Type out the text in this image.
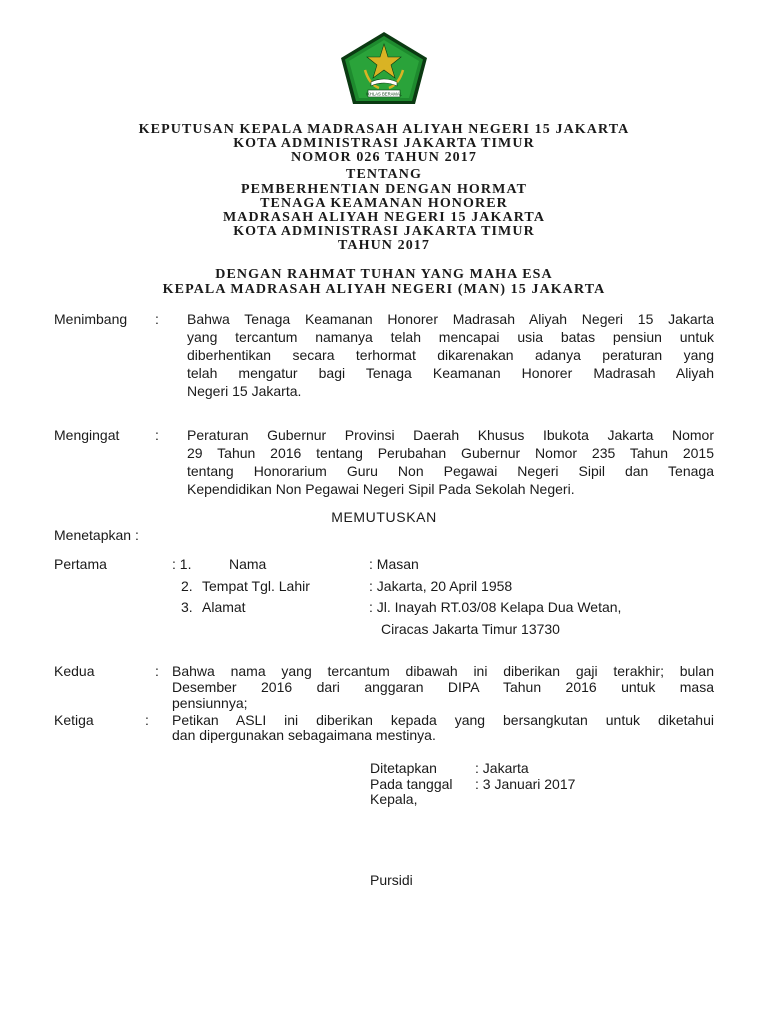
IKHLAS BERAMAL
KEPUTUSAN KEPALA MADRASAH ALIYAH NEGERI 15 JAKARTA
KOTA ADMINISTRASI JAKARTA TIMUR
NOMOR 026 TAHUN 2017
TENTANG
PEMBERHENTIAN DENGAN HORMAT
TENAGA KEAMANAN HONORER
MADRASAH ALIYAH NEGERI 15 JAKARTA
KOTA ADMINISTRASI JAKARTA TIMUR
TAHUN 2017
DENGAN RAHMAT TUHAN YANG MAHA ESA
KEPALA MADRASAH ALIYAH NEGERI (MAN) 15 JAKARTA
Menimbang : Bahwa Tenaga Keamanan Honorer Madrasah Aliyah Negeri 15 Jakarta
yang tercantum namanya telah mencapai usia batas pensiun untuk
diberhentikan secara terhormat dikarenakan adanya peraturan yang
telah mengatur bagi Tenaga Keamanan Honorer Madrasah Aliyah
Negeri 15 Jakarta.
Mengingat	: Peraturan Gubernur Provinsi Daerah Khusus Ibukota Jakarta Nomor
29 Tahun 2016 tentang Perubahan Gubernur Nomor 235 Tahun 2015
tentang Honorarium Guru Non Pegawai Negeri Sipil dan Tenaga
Kependidikan Non Pegawai Negeri Sipil Pada Sekolah Negeri.
MEMUTUSKAN
Menetapkan :
Pertama	: 1.	Nama	: Masan
2. Tempat Tgl. Lahir	: Jakarta, 20 April 1958
3. Alamat	: Jl. Inayah RT.03/08 Kelapa Dua Wetan,
Ciracas Jakarta Timur 13730
Kedua	: Bahwa nama yang tercantum dibawah ini diberikan gaji terakhir; bulan
Desember 2016 dari anggaran DIPA Tahun 2016 untuk masa
pensiunnya;
Ketiga	: Petikan ASLI ini diberikan kepada yang bersangkutan untuk diketahui
dan dipergunakan sebagaimana mestinya.
Ditetapkan	: Jakarta
Pada tanggal : 3 Januari 2017
Kepala,
Pursidi
